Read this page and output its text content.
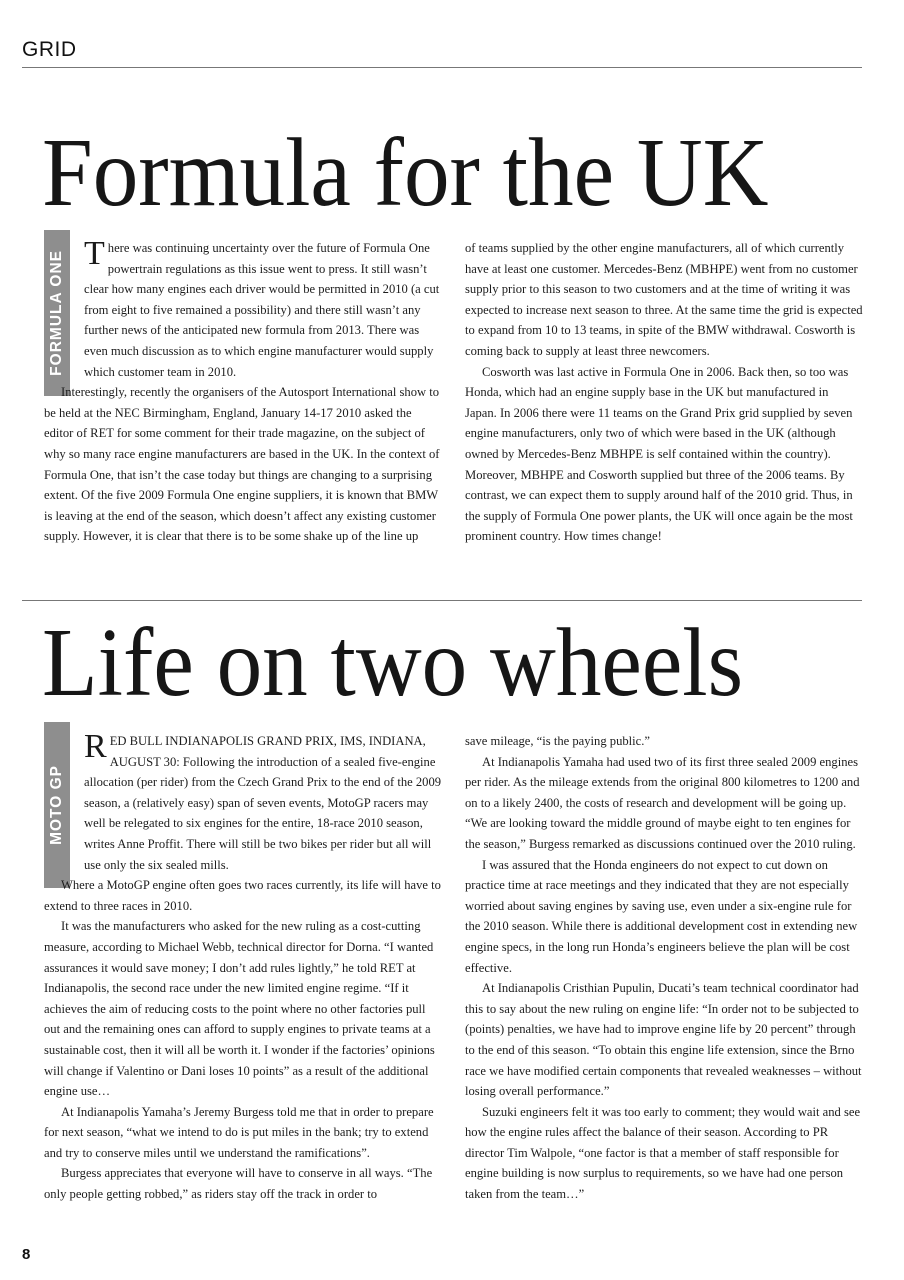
GRID
Formula for the UK
FORMULA ONE There was continuing uncertainty over the future of Formula One powertrain regulations as this issue went to press. It still wasn’t clear how many engines each driver would be permitted in 2010 (a cut from eight to five remained a possibility) and there still wasn’t any further news of the anticipated new formula from 2013. There was even much discussion as to which engine manufacturer would supply which customer team in 2010.

Interestingly, recently the organisers of the Autosport International show to be held at the NEC Birmingham, England, January 14-17 2010 asked the editor of RET for some comment for their trade magazine, on the subject of why so many race engine manufacturers are based in the UK. In the context of Formula One, that isn’t the case today but things are changing to a surprising extent. Of the five 2009 Formula One engine suppliers, it is known that BMW is leaving at the end of the season, which doesn’t affect any existing customer supply. However, it is clear that there is to be some shake up of the line up

of teams supplied by the other engine manufacturers, all of which currently have at least one customer. Mercedes-Benz (MBHPE) went from no customer supply prior to this season to two customers and at the time of writing it was expected to increase next season to three. At the same time the grid is expected to expand from 10 to 13 teams, in spite of the BMW withdrawal. Cosworth is coming back to supply at least three newcomers.

Cosworth was last active in Formula One in 2006. Back then, so too was Honda, which had an engine supply base in the UK but manufactured in Japan. In 2006 there were 11 teams on the Grand Prix grid supplied by seven engine manufacturers, only two of which were based in the UK (although owned by Mercedes-Benz MBHPE is self contained within the country). Moreover, MBHPE and Cosworth supplied but three of the 2006 teams. By contrast, we can expect them to supply around half of the 2010 grid. Thus, in the supply of Formula One power plants, the UK will once again be the most prominent country. How times change!

Life on two wheels
MOTO GP
RED BULL INDIANAPOLIS GRAND PRIX, IMS, INDIANA, AUGUST 30: Following the introduction of a sealed five-engine allocation (per rider) from the Czech Grand Prix to the end of the 2009 season, a (relatively easy) span of seven events, MotoGP racers may well be relegated to six engines for the entire, 18-race 2010 season, writes Anne Proffit. There will still be two bikes per rider but all will use only the six sealed mills.

Where a MotoGP engine often goes two races currently, its life will have to extend to three races in 2010.

It was the manufacturers who asked for the new ruling as a cost-cutting measure, according to Michael Webb, technical director for Dorna. “I wanted assurances it would save money; I don’t add rules lightly,” he told RET at Indianapolis, the second race under the new limited engine regime. “If it achieves the aim of reducing costs to the point where no other factories pull out and the remaining ones can afford to supply engines to private teams at a sustainable cost, then it will all be worth it. I wonder if the factories’ opinions will change if Valentino or Dani loses 10 points” as a result of the additional engine use…

At Indianapolis Yamaha’s Jeremy Burgess told me that in order to prepare for next season, “what we intend to do is put miles in the bank; try to extend and try to conserve miles until we understand the ramifications”.

Burgess appreciates that everyone will have to conserve in all ways. “The only people getting robbed,” as riders stay off the track in order to

save mileage, “is the paying public.”

At Indianapolis Yamaha had used two of its first three sealed 2009 engines per rider. As the mileage extends from the original 800 kilometres to 1200 and on to a likely 2400, the costs of research and development will be going up. “We are looking toward the middle ground of maybe eight to ten engines for the season,” Burgess remarked as discussions continued over the 2010 ruling.

I was assured that the Honda engineers do not expect to cut down on practice time at race meetings and they indicated that they are not especially worried about saving engines by saving use, even under a six-engine rule for the 2010 season. While there is additional development cost in extending new engine specs, in the long run Honda’s engineers believe the plan will be cost effective.

At Indianapolis Cristhian Pupulin, Ducati’s team technical coordinator had this to say about the new ruling on engine life: “In order not to be subjected to (points) penalties, we have had to improve engine life by 20 percent” through to the end of this season. “To obtain this engine life extension, since the Brno race we have modified certain components that revealed weaknesses – without losing overall performance.”

Suzuki engineers felt it was too early to comment; they would wait and see how the engine rules affect the balance of their season. According to PR director Tim Walpole, “one factor is that a member of staff responsible for engine building is now surplus to requirements, so we have had one person taken from the team…”

8
